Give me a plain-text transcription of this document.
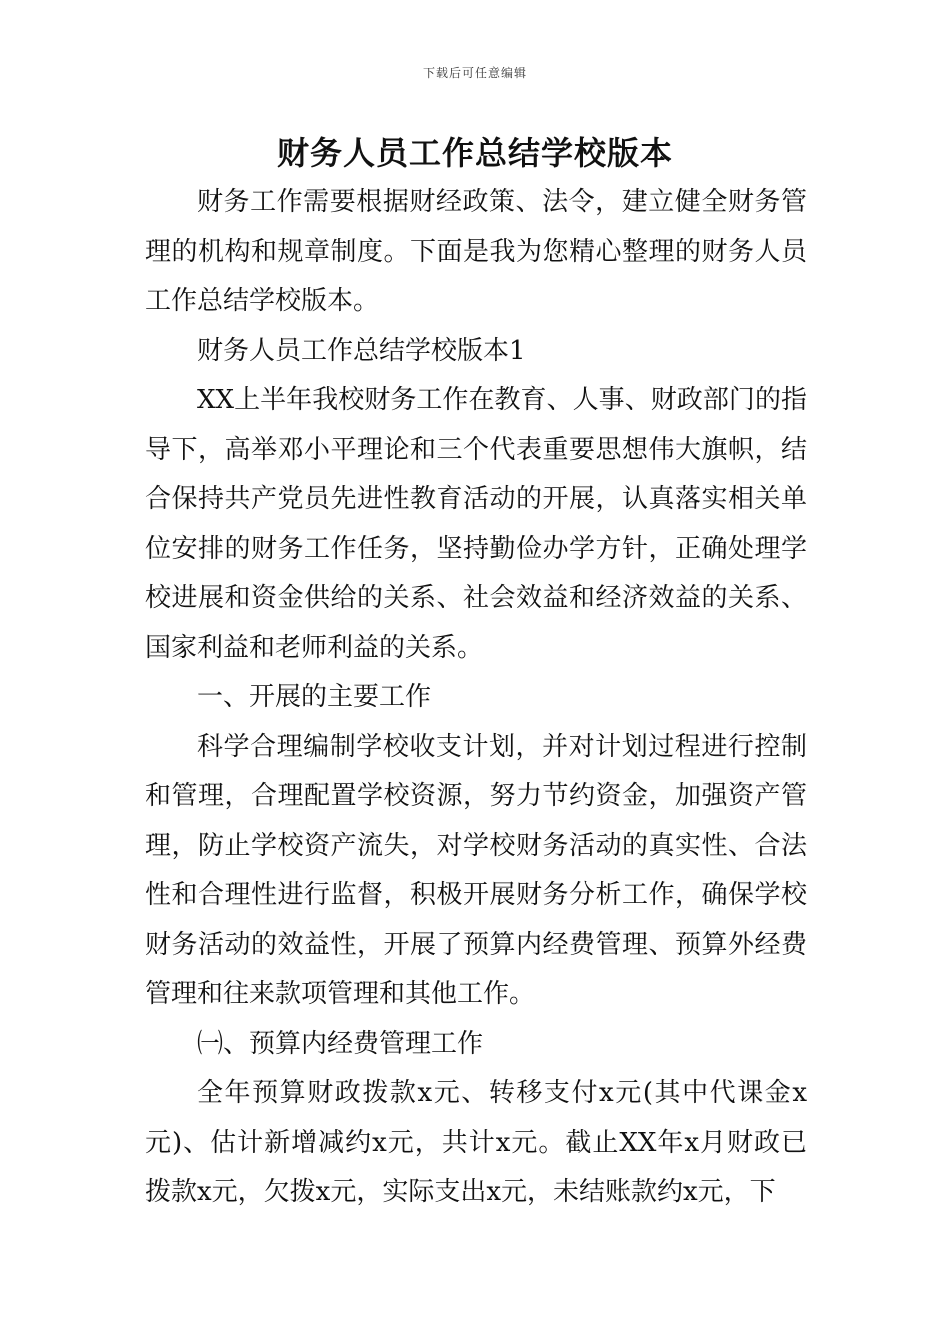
下载后可任意编辑
财务人员工作总结学校版本

财务工作需要根据财经政策、法令，建立健全财务管理的机构和规章制度。下面是我为您精心整理的财务人员工作总结学校版本。

财务人员工作总结学校版本1

XX上半年我校财务工作在教育、人事、财政部门的指导下，高举邓小平理论和三个代表重要思想伟大旗帜，结合保持共产党员先进性教育活动的开展，认真落实相关单位安排的财务工作任务，坚持勤俭办学方针，正确处理学校进展和资金供给的关系、社会效益和经济效益的关系、国家利益和老师利益的关系。

一、开展的主要工作

科学合理编制学校收支计划，并对计划过程进行控制和管理，合理配置学校资源，努力节约资金，加强资产管理，防止学校资产流失，对学校财务活动的真实性、合法性和合理性进行监督，积极开展财务分析工作，确保学校财务活动的效益性，开展了预算内经费管理、预算外经费管理和往来款项管理和其他工作。

㈠、预算内经费管理工作

全年预算财政拨款x元、转移支付x元(其中代课金x元)、估计新增减约x元，共计x元。截止XX年x月财政已拨款x元，欠拨x元，实际支出x元，未结账款约x元，下
